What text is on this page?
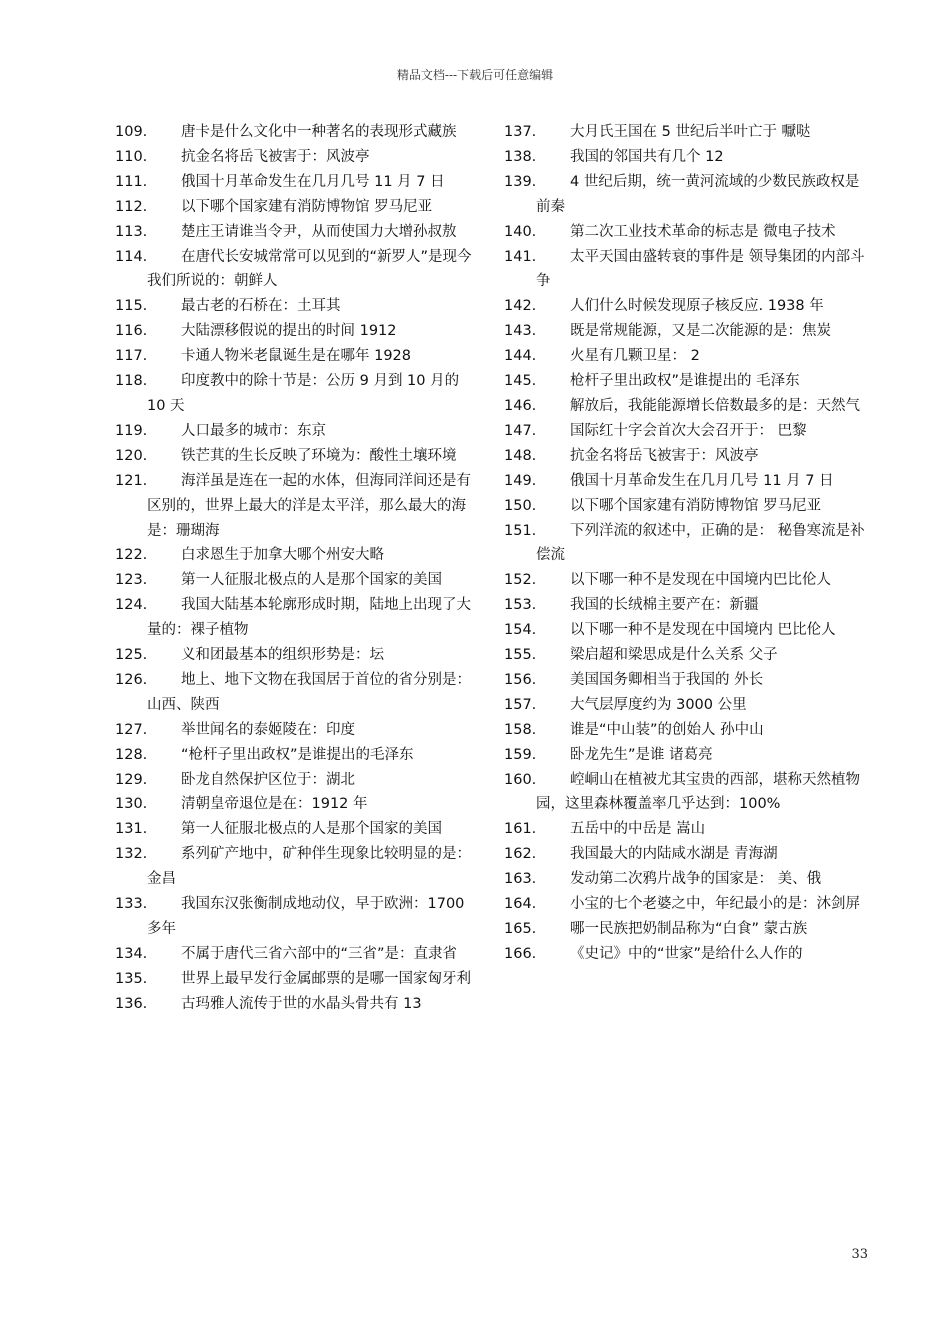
精品文档---下载后可任意编辑
109. 唐卡是什么文化中一种著名的表现形式藏族
110. 抗金名将岳飞被害于：风波亭
111. 俄国十月革命发生在几月几号 11 月 7 日
112. 以下哪个国家建有消防博物馆 罗马尼亚
113. 楚庄王请谁当令尹，从而使国力大增孙叔敖
114. 在唐代长安城常常可以见到的“新罗人”是现今我们所说的：朝鲜人
115. 最古老的石桥在：土耳其
116. 大陆漂移假说的提出的时间 1912
117. 卡通人物米老鼠诞生是在哪年 1928
118. 印度教中的除十节是：公历 9 月到 10 月的 10 天
119. 人口最多的城市：东京
120. 铁芒萁的生长反映了环境为：酸性土壤环境
121. 海洋虽是连在一起的水体，但海同洋间还是有区别的，世界上最大的洋是太平洋，那么最大的海是：珊瑚海
122. 白求恩生于加拿大哪个州安大略
123. 第一人征服北极点的人是那个国家的美国
124. 我国大陆基本轮廓形成时期，陆地上出现了大量的：裸子植物
125. 义和团最基本的组织形势是：坛
126. 地上、地下文物在我国居于首位的省分别是：山西、陕西
127. 举世闻名的泰姬陵在：印度
128. “枪杆子里出政权”是谁提出的毛泽东
129. 卧龙自然保护区位于：湖北
130. 清朝皇帝退位是在：1912 年
131. 第一人征服北极点的人是那个国家的美国
132. 系列矿产地中，矿种伴生现象比较明显的是：金昌
133. 我国东汉张衡制成地动仪，早于欧洲：1700 多年
134. 不属于唐代三省六部中的“三省”是：直隶省
135. 世界上最早发行金属邮票的是哪一国家匈牙利
136. 古玛雅人流传于世的水晶头骨共有 13
137. 大月氏王国在 5 世纪后半叶亡于 嚈哒
138. 我国的邻国共有几个 12
139. 4 世纪后期，统一黄河流域的少数民族政权是 前秦
140. 第二次工业技术革命的标志是 微电子技术
141. 太平天国由盛转衰的事件是 领导集团的内部斗争
142. 人们什么时候发现原子核反应. 1938 年
143. 既是常规能源，又是二次能源的是：焦炭
144. 火星有几颗卫星： 2
145. 枪杆子里出政权”是谁提出的 毛泽东
146. 解放后，我能能源增长倍数最多的是：天然气
147. 国际红十字会首次大会召开于： 巴黎
148. 抗金名将岳飞被害于：风波亭
149. 俄国十月革命发生在几月几号 11 月 7 日
150. 以下哪个国家建有消防博物馆 罗马尼亚
151. 下列洋流的叙述中，正确的是： 秘鲁寒流是补偿流
152. 以下哪一种不是发现在中国境内巴比伦人
153. 我国的长绒棉主要产在：新疆
154. 以下哪一种不是发现在中国境内 巴比伦人
155. 梁启超和梁思成是什么关系 父子
156. 美国国务卿相当于我国的 外长
157. 大气层厚度约为 3000 公里
158. 谁是“中山装”的创始人 孙中山
159. 卧龙先生”是谁 诸葛亮
160. 崆峒山在植被尤其宝贵的西部，堪称天然植物园，这里森林覆盖率几乎达到：100%
161. 五岳中的中岳是 嵩山
162. 我国最大的内陆咸水湖是 青海湖
163. 发动第二次鸦片战争的国家是： 美、俄
164. 小宝的七个老婆之中，年纪最小的是：沐剑屏
165. 哪一民族把奶制品称为“白食” 蒙古族
166. 《史记》中的“世家”是给什么人作的
33
